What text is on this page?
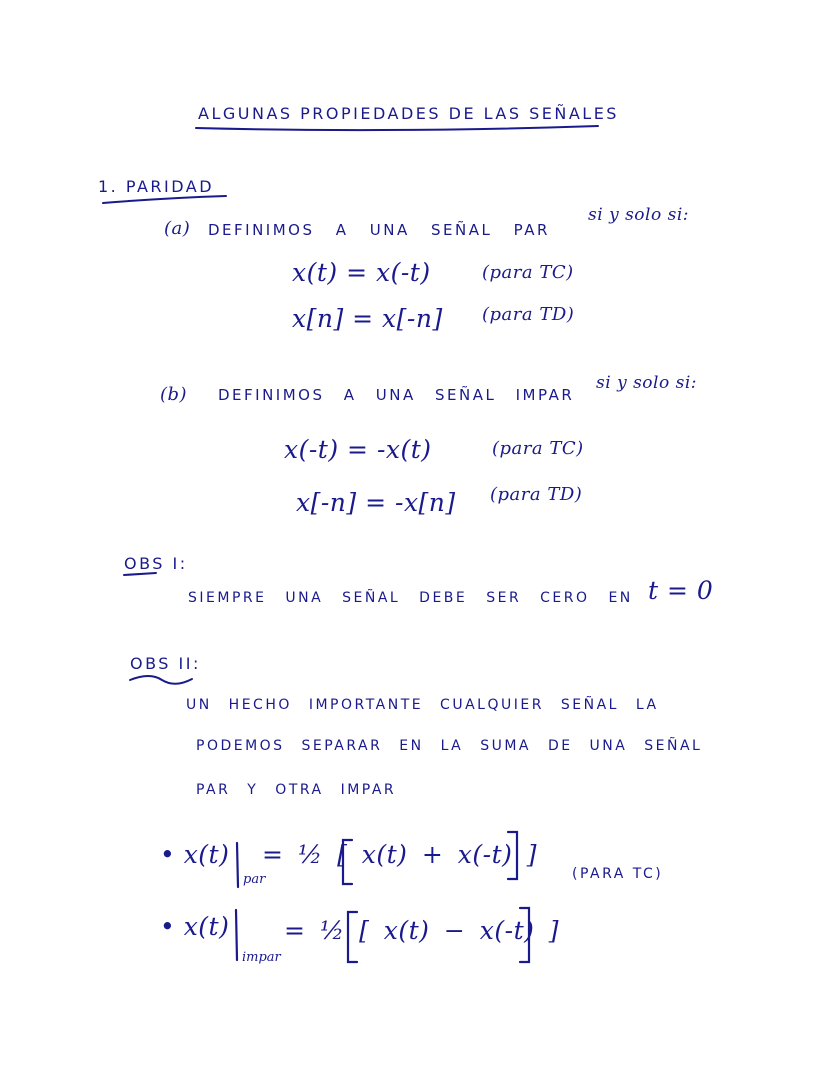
ALGUNAS PROPIEDADES DE LAS SEÑALES
1. PARIDAD
(a) DEFINIMOS A UNA SEÑAL PAR
si y solo si:
x(t) = x(-t)	(para TC)
x[n] = x[-n] (para TD)
(b) DEFINIMOS A UNA SEÑAL IMPAR
si y solo si:
x(-t) = -x(t)	(para TC)
x[-n] = -x[n] (para TD)
OBS I:
SIEMPRE UNA SEÑAL DEBE SER CERO EN t = 0
OBS II:
UN HECHO IMPORTANTE CUALQUIER SEÑAL LA
PODEMOS SEPARAR EN LA SUMA DE UNA SEÑAL
PAR Y OTRA IMPAR
• x(t)
par
= ½ [ x(t) + x(-t) ]
(PARA TC)
• x(t)
impar
= ½ [ x(t) − x(-t) ]
